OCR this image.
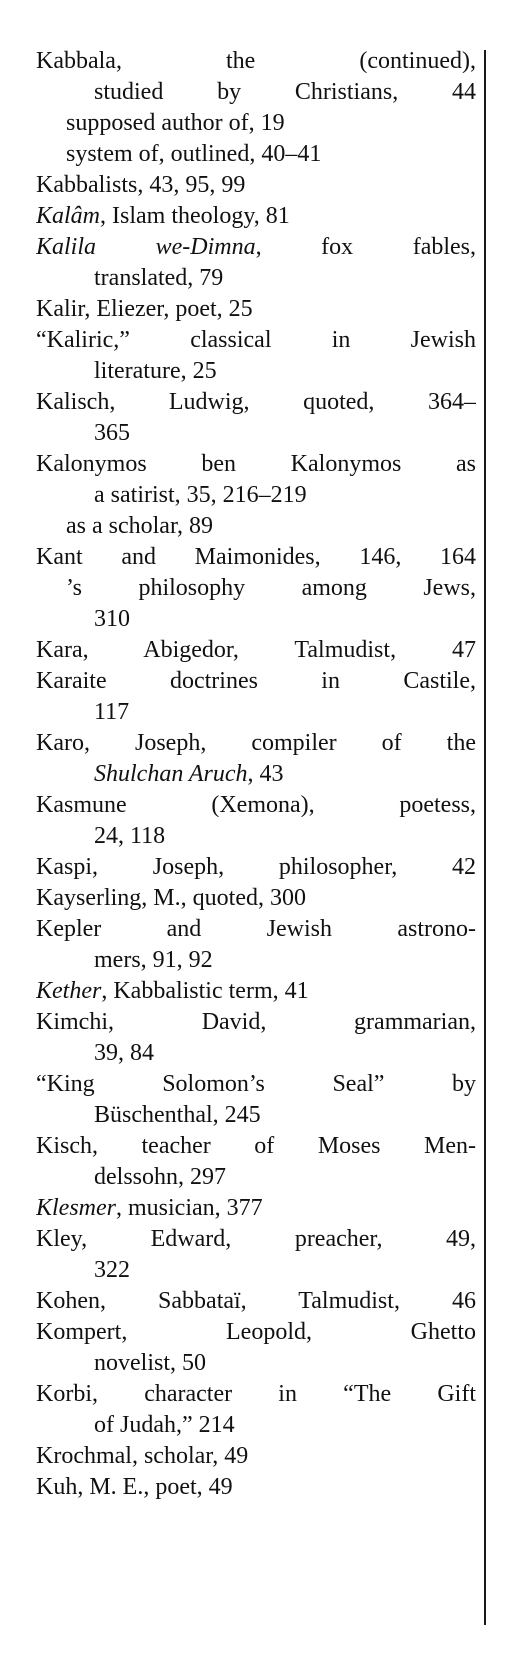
Kabbala, the (continued),
studied by Christians, 44
supposed author of, 19
system of, outlined, 40–41
Kabbalists, 43, 95, 99
Kalâm, Islam theology, 81
Kalila we-Dimna, fox fables,
translated, 79
Kalir, Eliezer, poet, 25
“Kaliric,” classical in Jewish
literature, 25
Kalisch, Ludwig, quoted, 364–
365
Kalonymos ben Kalonymos as
a satirist, 35, 216–219
as a scholar, 89
Kant and Maimonides, 146, 164
’s philosophy among Jews,
310
Kara, Abigedor, Talmudist, 47
Karaite doctrines in Castile,
117
Karo, Joseph, compiler of the
Shulchan Aruch, 43
Kasmune (Xemona), poetess,
24, 118
Kaspi, Joseph, philosopher, 42
Kayserling, M., quoted, 300
Kepler and Jewish astrono-
mers, 91, 92
Kether, Kabbalistic term, 41
Kimchi, David, grammarian,
39, 84
“King Solomon’s Seal” by
Büschenthal, 245
Kisch, teacher of Moses Men-
delssohn, 297
Klesmer, musician, 377
Kley, Edward, preacher, 49,
322
Kohen, Sabbataï, Talmudist, 46
Kompert, Leopold, Ghetto
novelist, 50
Korbi, character in “The Gift
of Judah,” 214
Krochmal, scholar, 49
Kuh, M. E., poet, 49
